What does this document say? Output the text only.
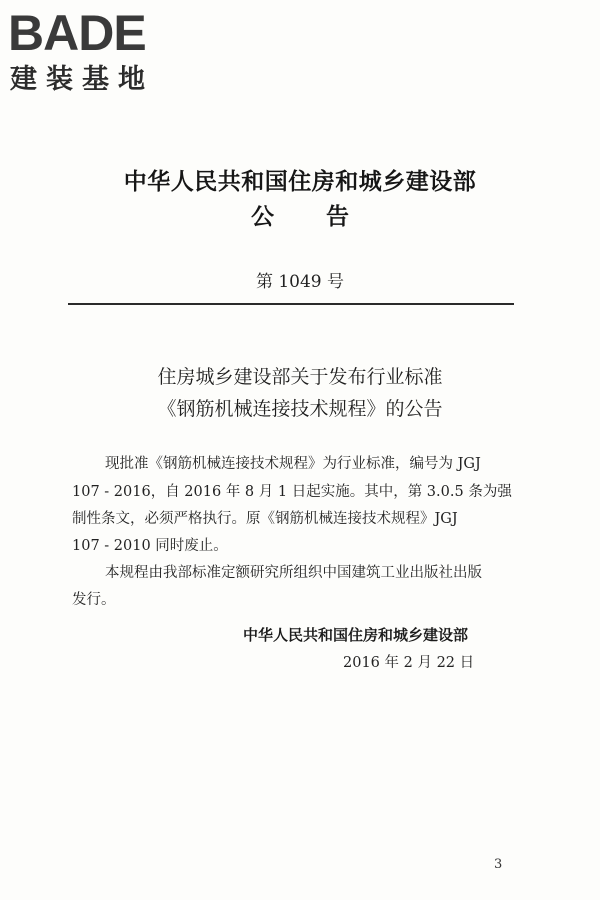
BADE
建装基地
中华人民共和国住房和城乡建设部
公告
第 1049 号
住房城乡建设部关于发布行业标准
《钢筋机械连接技术规程》的公告
现批准《钢筋机械连接技术规程》为行业标准，编号为 JGJ
107 - 2016，自 2016 年 8 月 1 日起实施。其中，第 3.0.5 条为强
制性条文，必须严格执行。原《钢筋机械连接技术规程》JGJ
107 - 2010 同时废止。
本规程由我部标准定额研究所组织中国建筑工业出版社出版
发行。
中华人民共和国住房和城乡建设部
2016 年 2 月 22 日
3
